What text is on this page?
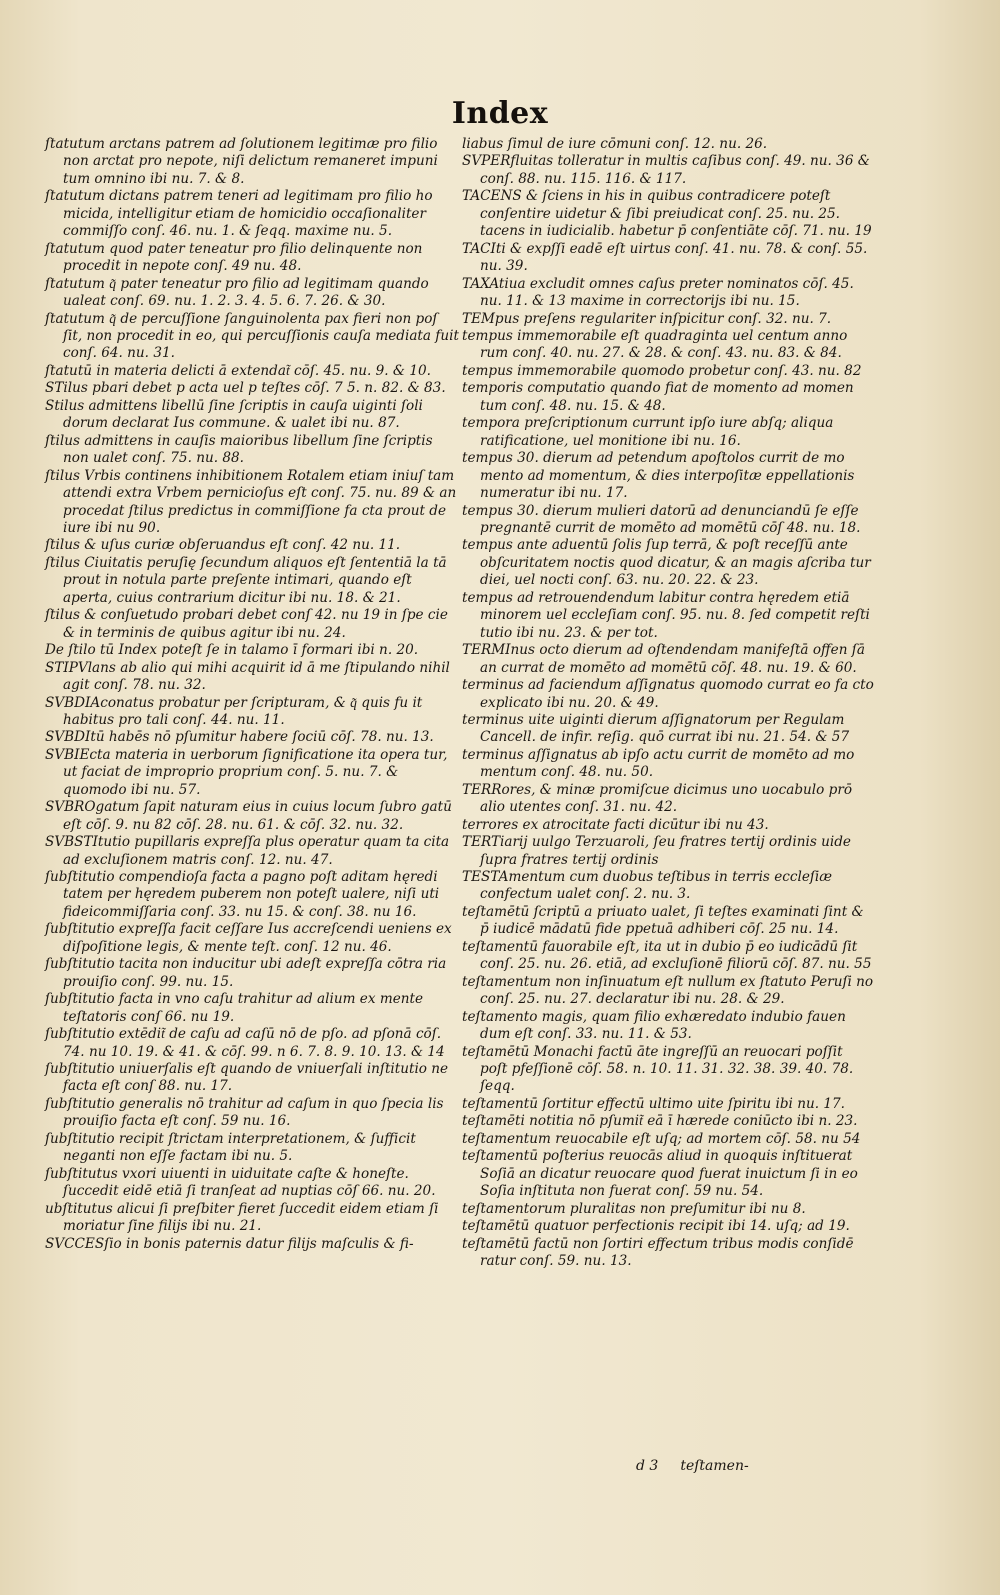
Index

ſtatutum arctans patrem ad ſolutionem legitimæ pro filio non arctat pro nepote, niſi delictum remaneret impuni tum omnino ibi nu. 7. & 8.

ſtatutum dictans patrem teneri ad legitimam pro filio ho micida, intelligitur etiam de homicidio occaſionaliter commiſſo conſ. 46. nu. 1. & ſeqq. maxime nu. 5.

ſtatutum quod pater teneatur pro filio delinquente non procedit in nepote conſ. 49 nu. 48.

ſtatutum q͂ pater teneatur pro filio ad legitimam quando ualeat conſ. 69. nu. 1. 2. 3. 4. 5. 6. 7. 26. & 30.

ſtatutum q͂ de percuſſione ſanguinolenta pax fieri non poſ ſit, non procedit in eo, qui percuſſionis cauſa mediata fuit conſ. 64. nu. 31.

ſtatutū in materia delicti ā extendat͂ cōſ. 45. nu. 9. & 10.

STilus pbari debet p acta uel p teſtes cōſ. 7 5. n. 82. & 83.

Stilus admittens libellū ſine ſcriptis in cauſa uiginti ſoli dorum declarat Ius commune. & ualet ibi nu. 87.

ſtilus admittens in cauſis maioribus libellum ſine ſcriptis non ualet conſ. 75. nu. 88.

ſtilus Vrbis continens inhibitionem Rotalem etiam iniuſ tam attendi extra Vrbem pernicioſus eſt conſ. 75. nu. 89 & an procedat ſtilus predictus in commiſſione fa cta prout de iure ibi nu 90.

ſtilus & uſus curiæ obſeruandus eſt conſ. 42 nu. 11.

ſtilus Ciuitatis peruſię ſecundum aliquos eſt ſententiā la tā prout in notula parte preſente intimari, quando eſt aperta, cuius contrarium dicitur ibi nu. 18. & 21.

ſtilus & conſuetudo probari debet conſ 42. nu 19 in ſpe cie & in terminis de quibus agitur ibi nu. 24.

De ſtilo tū Index poteſt ſe in talamo ī formari ibi n. 20.

STIPVlans ab alio qui mihi acquirit id ā me ſtipulando nihil agit conſ. 78. nu. 32.

SVBDIAconatus probatur per ſcripturam, & q͂ quis fu it habitus pro tali conſ. 44. nu. 11.

SVBDItū habēs nō pſumitur habere ſociū cōſ. 78. nu. 13.

SVBIEcta materia in uerborum ſignificatione ita opera tur, ut faciat de improprio proprium conſ. 5. nu. 7. & quomodo ibi nu. 57.

SVBROgatum ſapit naturam eius in cuius locum ſubro gatū eſt cōſ. 9. nu 82 cōſ. 28. nu. 61. & cōſ. 32. nu. 32.

SVBSTItutio pupillaris expreſſa plus operatur quam ta cita ad excluſionem matris conſ. 12. nu. 47.

ſubſtitutio compendioſa facta a pagno poſt aditam hęredi tatem per hęredem puberem non poteſt ualere, niſi uti fideicommiſſaria conſ. 33. nu 15. & conſ. 38. nu 16.

ſubſtitutio expreſſa facit ceſſare Ius accreſcendi ueniens ex diſpoſitione legis, & mente teſt. conſ. 12 nu. 46.

ſubſtitutio tacita non inducitur ubi adeſt expreſſa cōtra ria prouiſio conſ. 99. nu. 15.

ſubſtitutio facta in vno caſu trahitur ad alium ex mente teſtatoris conſ 66. nu 19.

ſubſtitutio extēdit͂ de caſu ad caſū nō de pſo. ad pſonā cōſ. 74. nu 10. 19. & 41. & cōſ. 99. n 6. 7. 8. 9. 10. 13. & 14

ſubſtitutio uniuerſalis eſt quando de vniuerſali inſtitutio ne facta eſt conſ 88. nu. 17.

ſubſtitutio generalis nō trahitur ad caſum in quo ſpecia lis prouiſio facta eſt conſ. 59 nu. 16.

ſubſtitutio recipit ſtrictam interpretationem, & ſufficit neganti non eſſe factam ibi nu. 5.

ſubſtitutus vxori uiuenti in uiduitate caſte & honeſte. ſuccedit eidē etiā ſi tranſeat ad nuptias cōſ 66. nu. 20.

ubſtitutus alicui ſi preſbiter fieret ſuccedit eidem etiam ſi moriatur ſine filijs ibi nu. 21.

SVCCESſio in bonis paternis datur filijs maſculis & fi-

liabus ſimul de iure cōmuni conſ. 12. nu. 26.

SVPERfluitas tolleratur in multis caſibus conſ. 49. nu. 36 & conſ. 88. nu. 115. 116. & 117.

TACENS & ſciens in his in quibus contradicere poteſt conſentire uidetur & ſibi preiudicat conſ. 25. nu. 25. tacens in iudicialib. habetur p̄ conſentiāte cōſ. 71. nu. 19

TACIti & expſſi eadē eſt uirtus conſ. 41. nu. 78. & conſ. 55. nu. 39.

TAXAtiua excludit omnes caſus preter nominatos cōſ. 45. nu. 11. & 13 maxime in correctorijs ibi nu. 15.

TEMpus preſens regulariter inſpicitur conſ. 32. nu. 7.

tempus immemorabile eſt quadraginta uel centum anno rum conſ. 40. nu. 27. & 28. & conſ. 43. nu. 83. & 84.

tempus immemorabile quomodo probetur conſ. 43. nu. 82

temporis computatio quando fiat de momento ad momen tum conſ. 48. nu. 15. & 48.

tempora preſcriptionum currunt ipſo iure abſq; aliqua ratificatione, uel monitione ibi nu. 16.

tempus 30. dierum ad petendum apoſtolos currit de mo mento ad momentum, & dies interpoſitæ eppellationis numeratur ibi nu. 17.

tempus 30. dierum mulieri datorū ad denunciandū ſe eſſe pregnantē currit de momēto ad momētū cōſ 48. nu. 18.

tempus ante aduentū ſolis ſup terrā, & poſt receſſū ante obſcuritatem noctis quod dicatur, & an magis aſcriba tur diei, uel nocti conſ. 63. nu. 20. 22. & 23.

tempus ad retrouendendum labitur contra hęredem etiā minorem uel eccleſiam conſ. 95. nu. 8. ſed competit reſti tutio ibi nu. 23. & per tot.

TERMInus octo dierum ad oſtendendam manifeſtā offen ſā an currat de momēto ad momētū cōſ. 48. nu. 19. & 60.

terminus ad faciendum aſſignatus quomodo currat eo fa cto explicato ibi nu. 20. & 49.

terminus uite uiginti dierum aſſignatorum per Regulam Cancell. de infir. reſig. quō currat ibi nu. 21. 54. & 57

terminus aſſignatus ab ipſo actu currit de momēto ad mo mentum conſ. 48. nu. 50.

TERRores, & minæ promiſcue dicimus uno uocabulo prō alio utentes conſ. 31. nu. 42.

terrores ex atrocitate facti dicūtur ibi nu 43.

TERTiarij uulgo Terzuaroli, ſeu fratres tertij ordinis uide ſupra fratres tertij ordinis

TESTAmentum cum duobus teſtibus in terris eccleſiæ confectum ualet conſ. 2. nu. 3.

teſtamētū ſcriptū a priuato ualet, ſi teſtes examinati ſint & p̄ iudicē mādatū fide ppetuā adhiberi cōſ. 25 nu. 14.

teſtamentū fauorabile eſt, ita ut in dubio p̄ eo iudicādū ſit conſ. 25. nu. 26. etiā, ad excluſionē filiorū cōſ. 87. nu. 55

teſtamentum non inſinuatum eſt nullum ex ſtatuto Peruſi no conſ. 25. nu. 27. declaratur ibi nu. 28. & 29.

teſtamento magis, quam filio exhæredato indubio fauen dum eſt conſ. 33. nu. 11. & 53.

teſtamētū Monachi factū āte ingreſſū an reuocari poſſit poſt pfeſſionē cōſ. 58. n. 10. 11. 31. 32. 38. 39. 40. 78. ſeqq.

teſtamentū ſortitur effectū ultimo uite ſpiritu ibi nu. 17.

teſtamēti notitia nō pſumit͂ eā ī hærede coniūcto ibi n. 23.

teſtamentum reuocabile eſt uſq; ad mortem cōſ. 58. nu 54

teſtamentū poſterius reuocās aliud in quoquis inſtituerat Soſiā an dicatur reuocare quod fuerat inuictum ſi in eo Soſia inſtituta non fuerat conſ. 59 nu. 54.

teſtamentorum pluralitas non preſumitur ibi nu 8.

teſtamētū quatuor perfectionis recipit ibi 14. uſq; ad 19.

teſtamētū factū non ſortiri effectum tribus modis conſidē ratur conſ. 59. nu. 13.

d 3 teſtamen-
